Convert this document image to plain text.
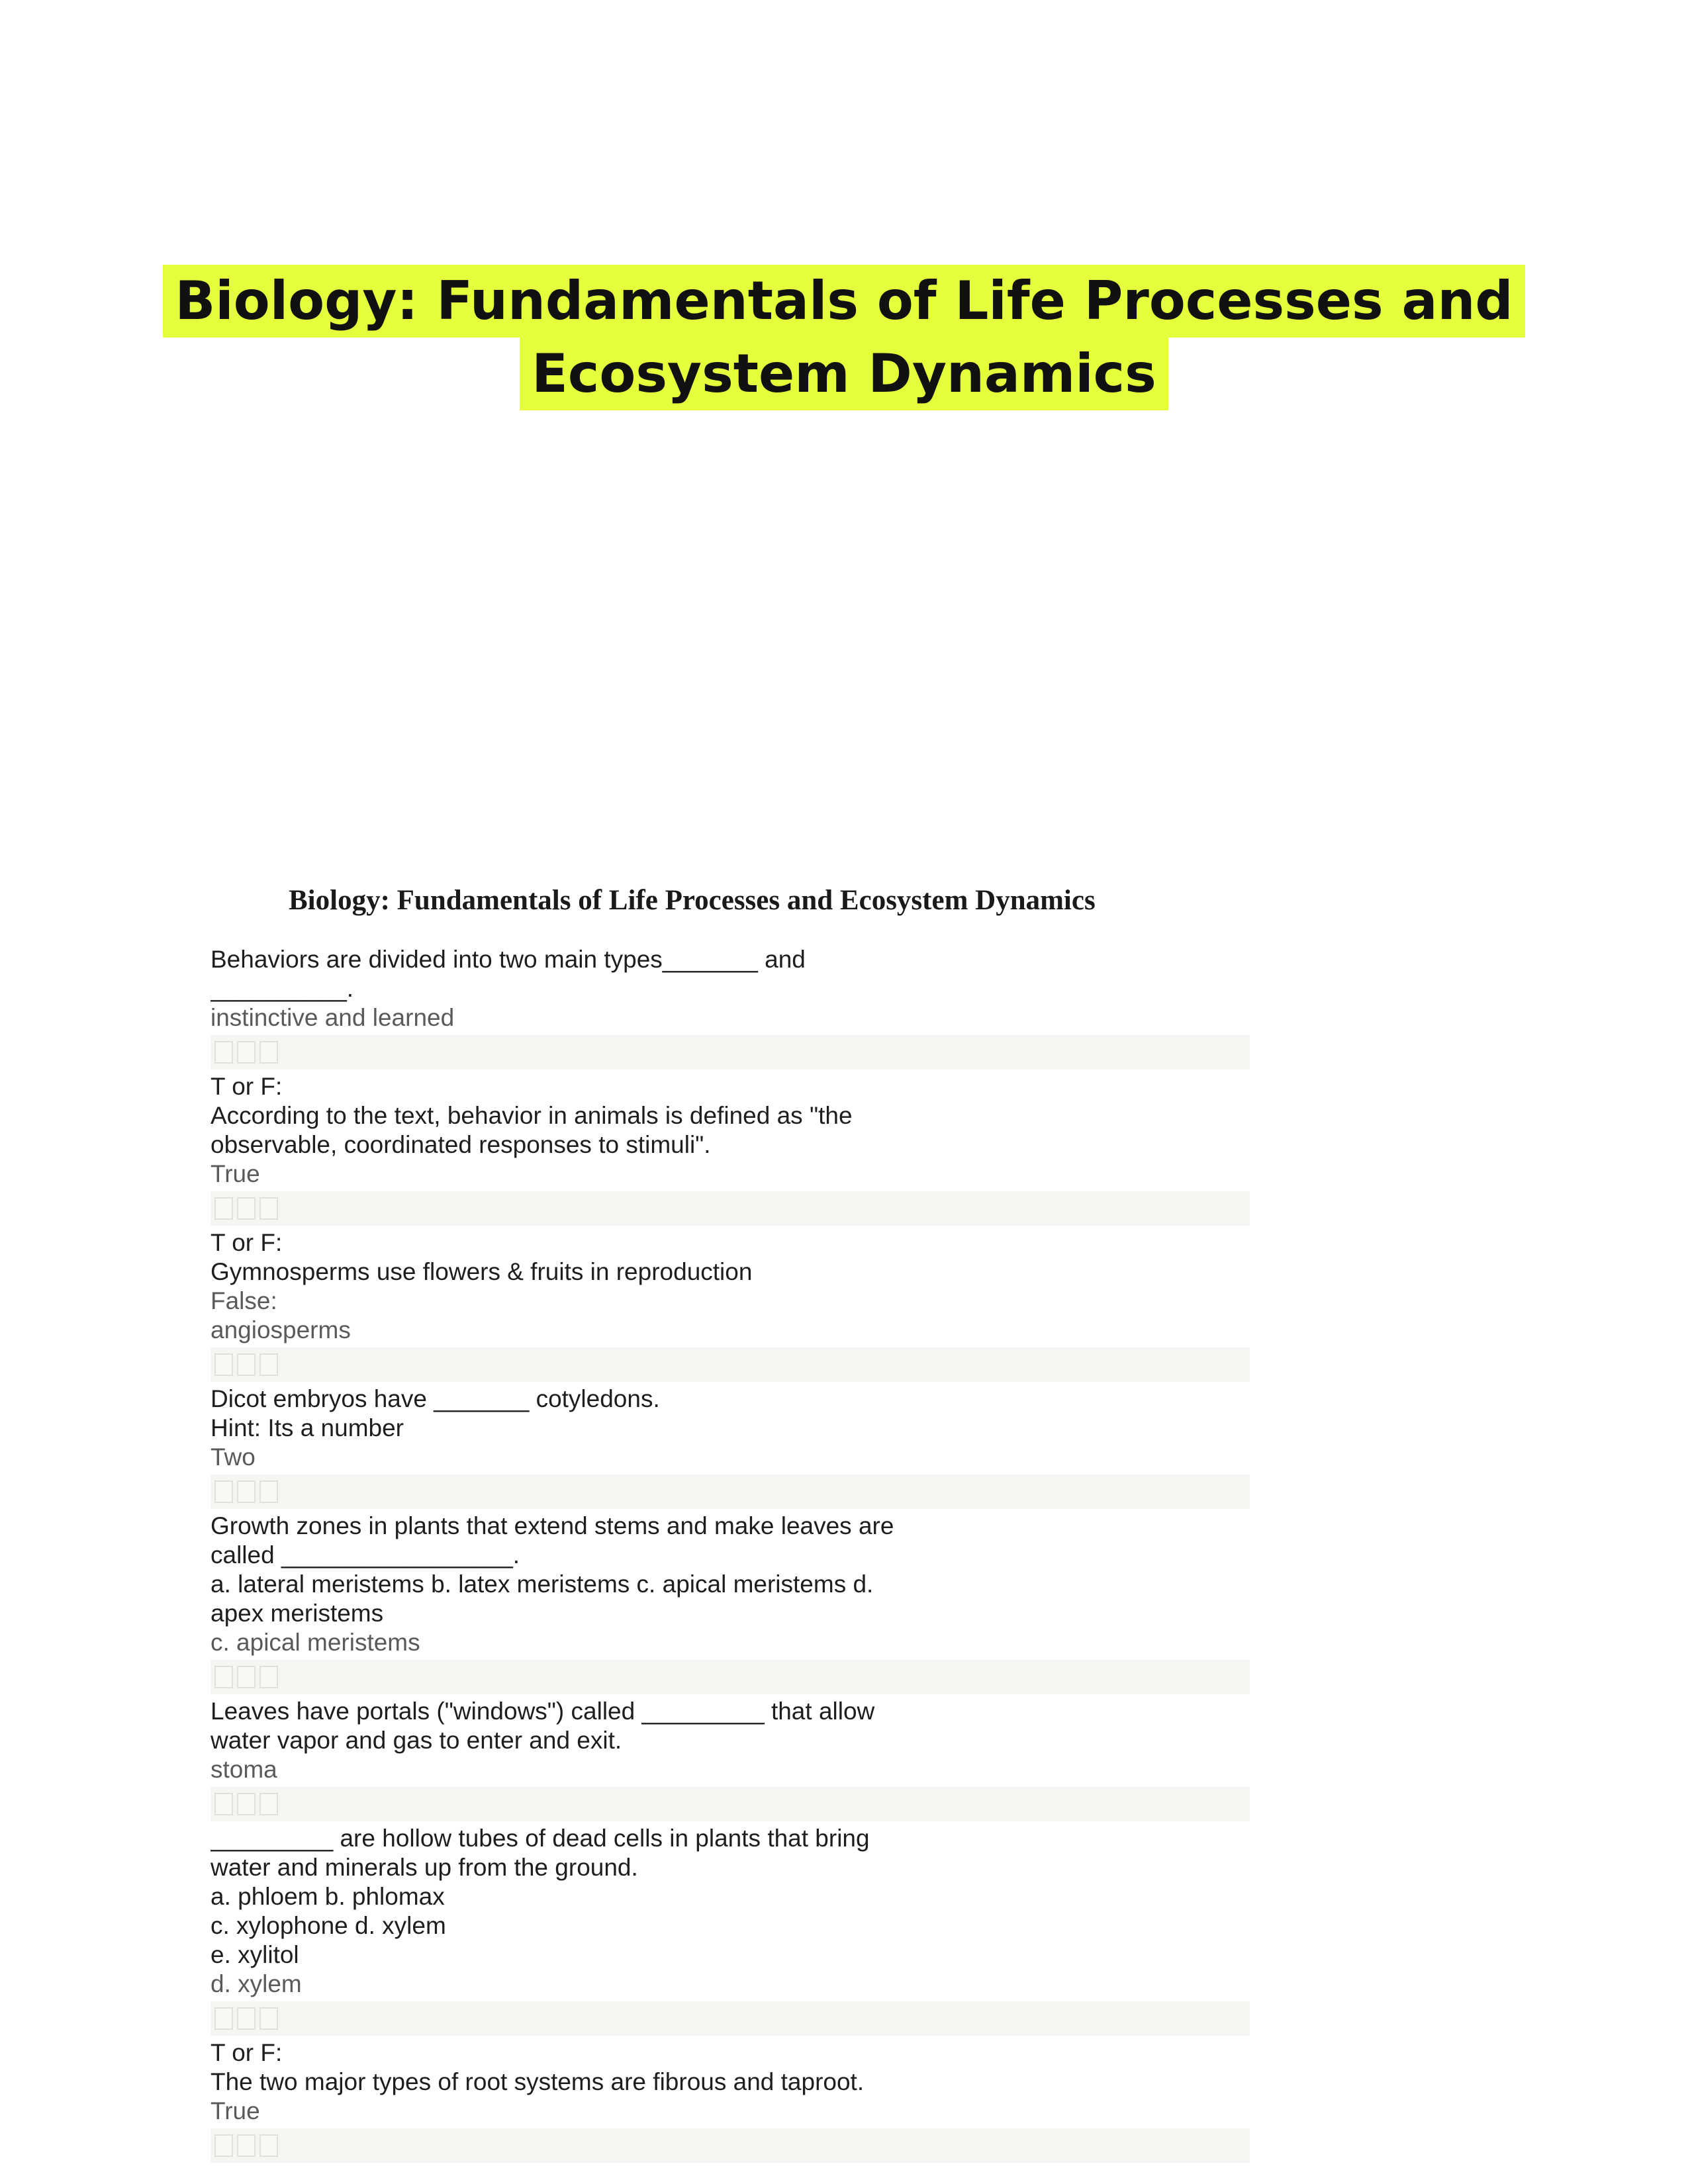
Biology: Fundamentals of Life Processes and
Ecosystem Dynamics
Biology: Fundamentals of Life Processes and Ecosystem Dynamics
Behaviors are divided into two main types_______ and
__________.
instinctive and learned
T or F:
According to the text, behavior in animals is defined as "the
observable, coordinated responses to stimuli".
True
T or F:
Gymnosperms use flowers & fruits in reproduction
False:
angiosperms
Dicot embryos have _______ cotyledons.
Hint: Its a number
Two
Growth zones in plants that extend stems and make leaves are
called _________________.
a. lateral meristems b. latex meristems c. apical meristems d.
apex meristems
c. apical meristems
Leaves have portals ("windows") called _________ that allow
water vapor and gas to enter and exit.
stoma
_________ are hollow tubes of dead cells in plants that bring
water and minerals up from the ground.
a. phloem b. phlomax
c. xylophone d. xylem
e. xylitol
d. xylem
T or F:
The two major types of root systems are fibrous and taproot.
True
